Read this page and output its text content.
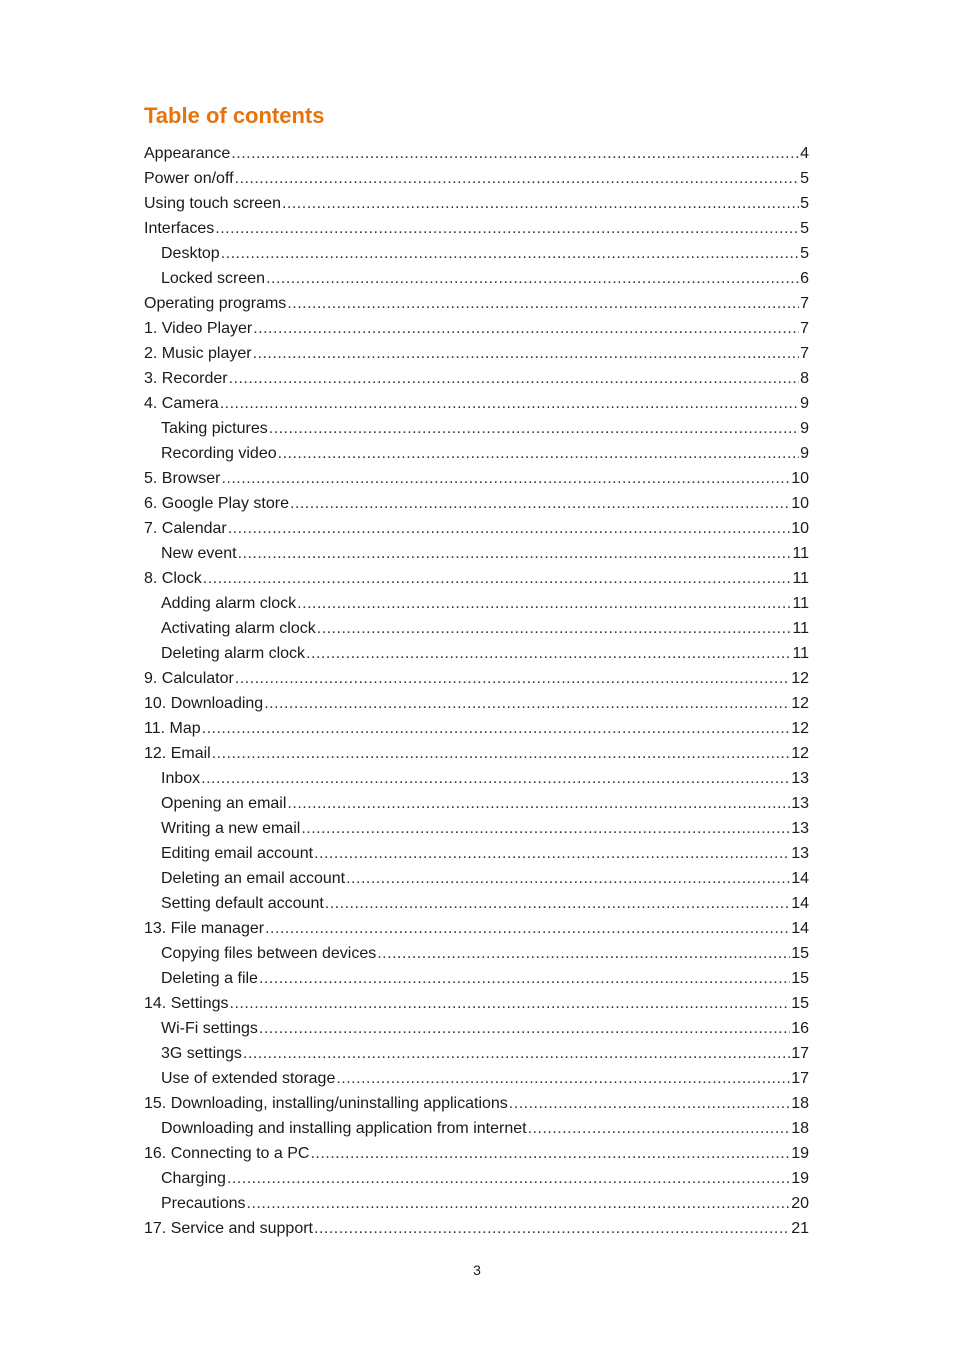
Table of contents
Appearance .....	4
Power on/off .....	5
Using touch screen .....	5
Interfaces .....	5
Desktop .....	5
Locked screen .....	6
Operating programs .....	7
1. Video Player .....	7
2. Music player .....	7
3. Recorder .....	8
4. Camera .....	9
Taking pictures .....	9
Recording video .....	9
5. Browser .....	10
6. Google Play store .....	10
7. Calendar .....	10
New event .....	11
8. Clock .....	11
Adding alarm clock .....	11
Activating alarm clock .....	11
Deleting alarm clock .....	11
9. Calculator .....	12
10. Downloading .....	12
11. Map .....	12
12. Email .....	12
Inbox .....	13
Opening an email .....	13
Writing a new email .....	13
Editing email account .....	13
Deleting an email account .....	14
Setting default account .....	14
13. File manager .....	14
Copying files between devices .....	15
Deleting a file .....	15
14. Settings .....	15
Wi-Fi settings .....	16
3G settings .....	17
Use of extended storage .....	17
15. Downloading, installing/uninstalling applications .....	18
Downloading and installing application from internet .....	18
16. Connecting to a PC .....	19
Charging .....	19
Precautions .....	20
17. Service and support .....	21
3
